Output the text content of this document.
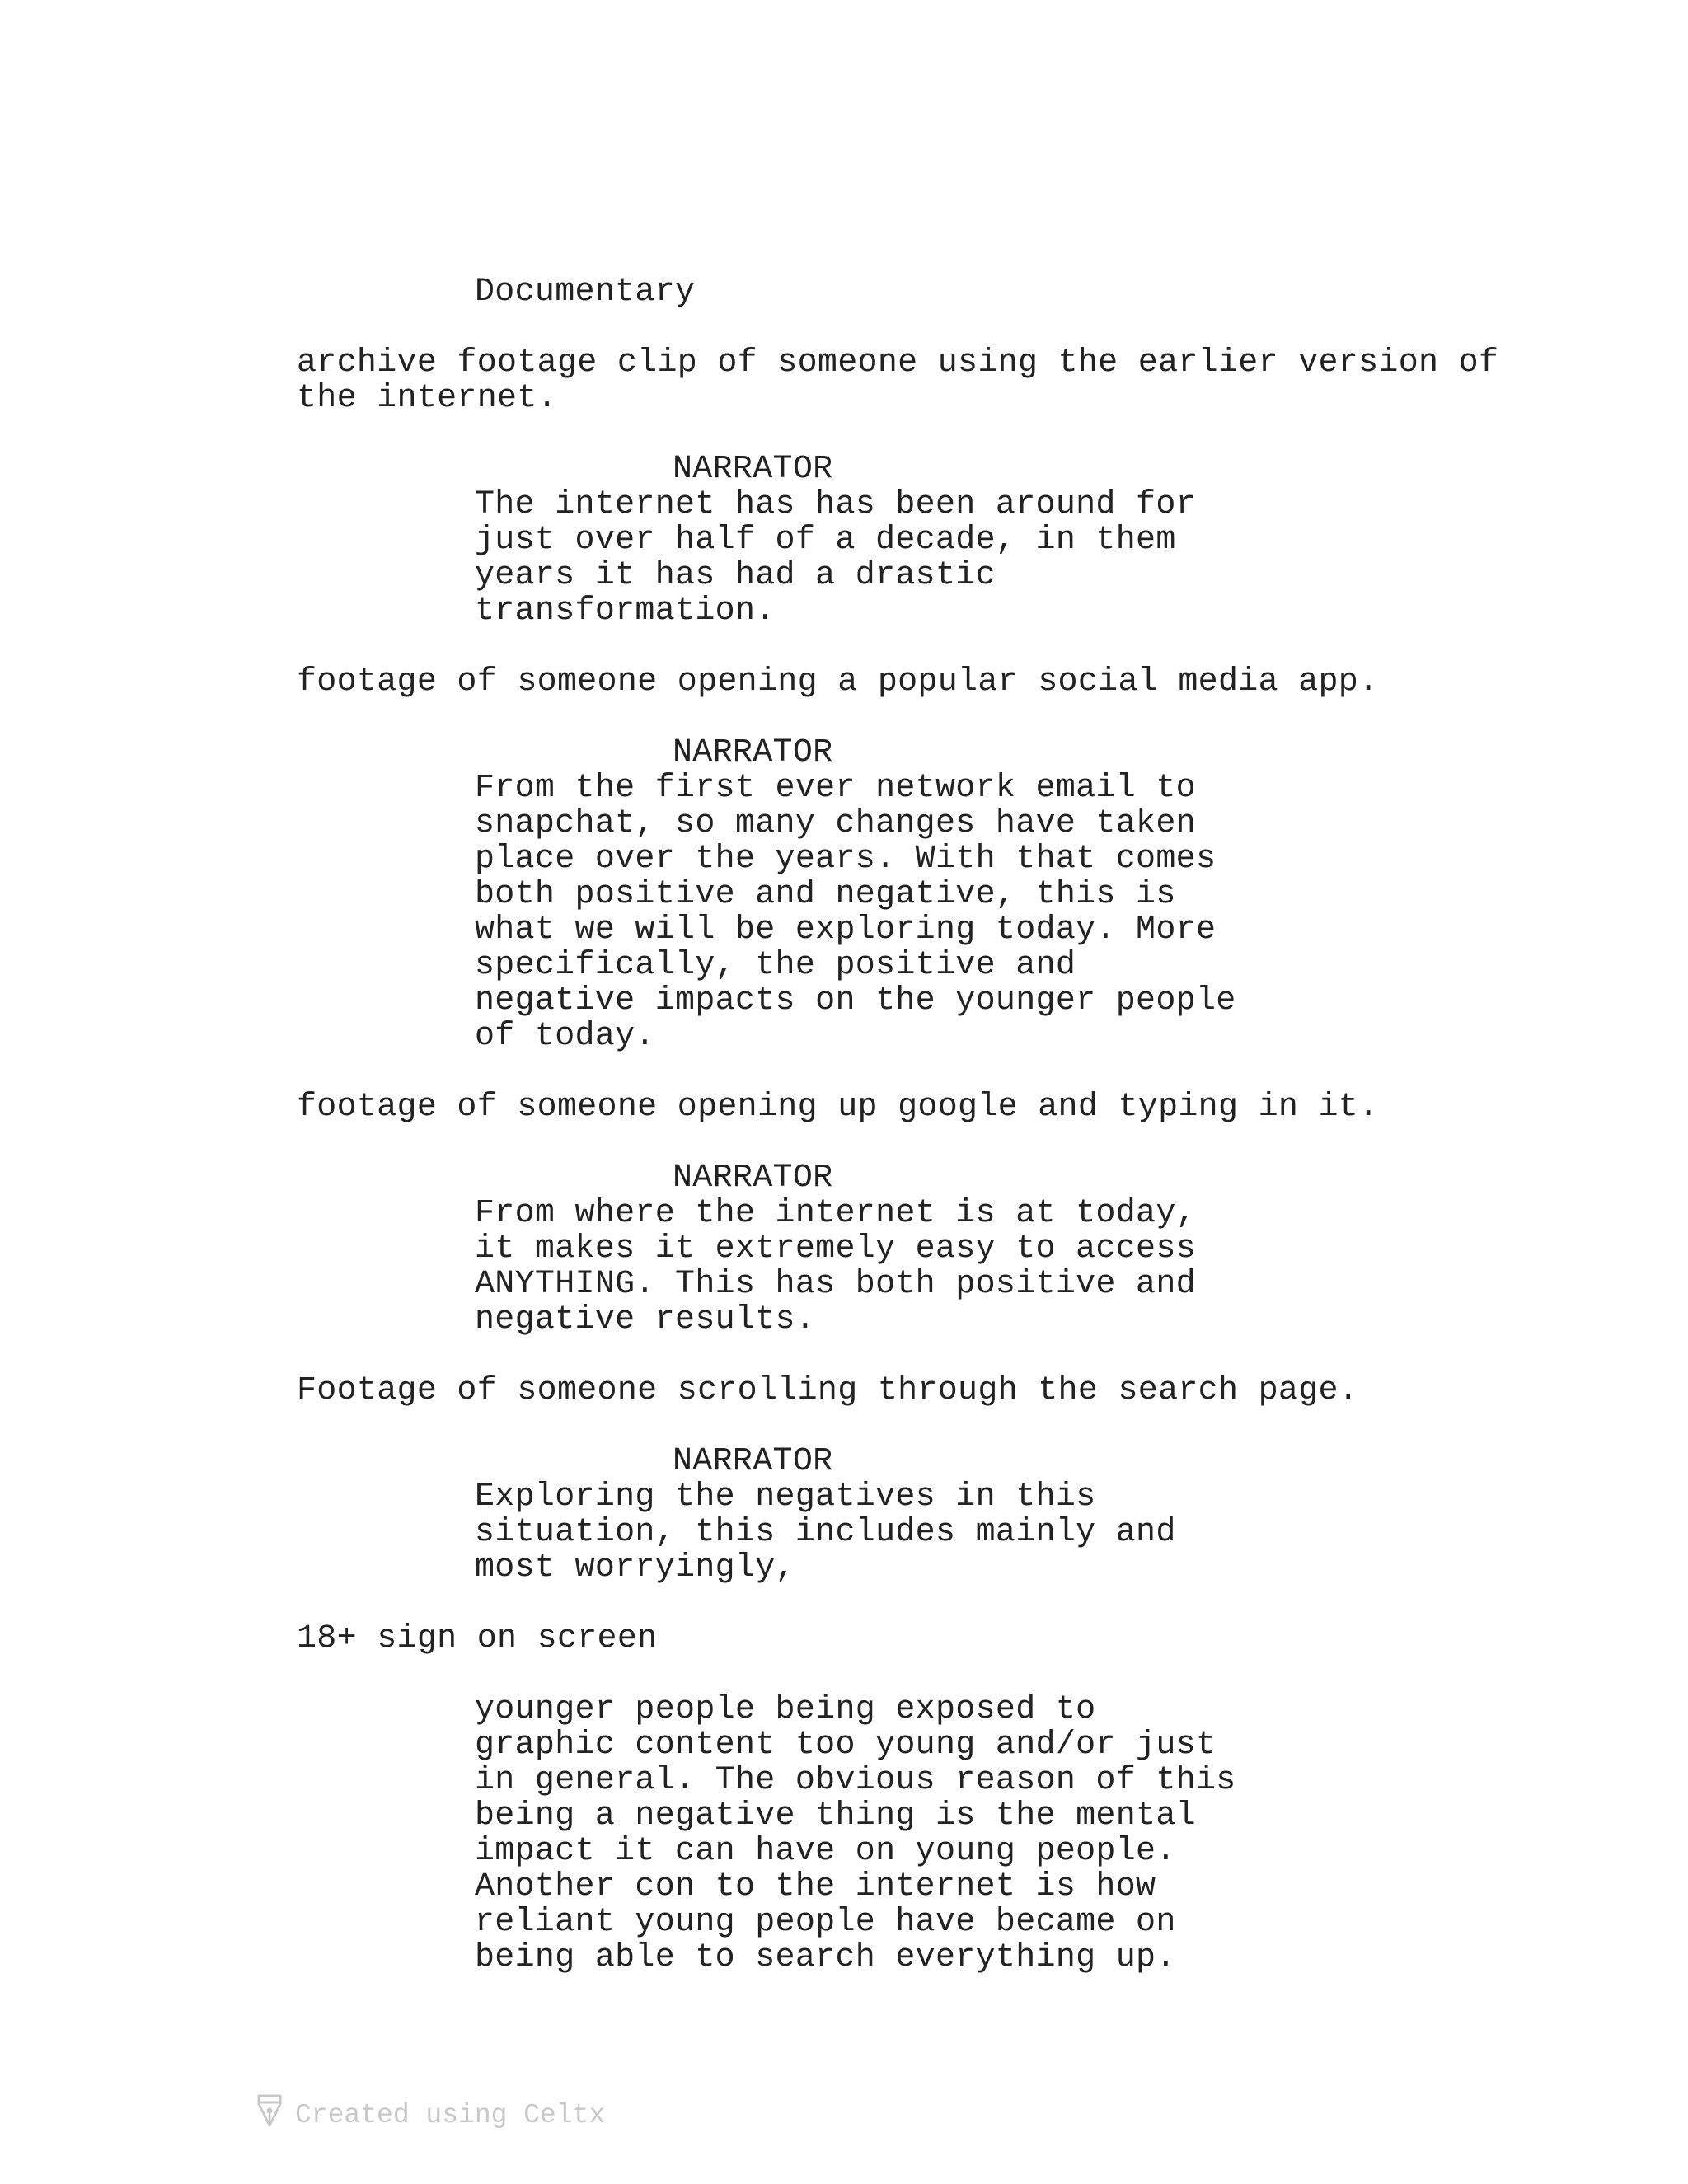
Documentary

archive footage clip of someone using the earlier version of
the internet.

NARRATOR

The internet has has been around for
just over half of a decade, in them
years it has had a drastic
transformation.

footage of someone opening a popular social media app.

NARRATOR

From the first ever network email to
snapchat, so many changes have taken
place over the years. With that comes
both positive and negative, this is
what we will be exploring today. More
specifically, the positive and
negative impacts on the younger people
of today.

footage of someone opening up google and typing in it.

NARRATOR

From where the internet is at today,
it makes it extremely easy to access
ANYTHING. This has both positive and
negative results.

Footage of someone scrolling through the search page.

NARRATOR

Exploring the negatives in this
situation, this includes mainly and
most worryingly,

18+ sign on screen

younger people being exposed to
graphic content too young and/or just
in general. The obvious reason of this
being a negative thing is the mental
impact it can have on young people.
Another con to the internet is how
reliant young people have became on
being able to search everything up.

Created using Celtx
